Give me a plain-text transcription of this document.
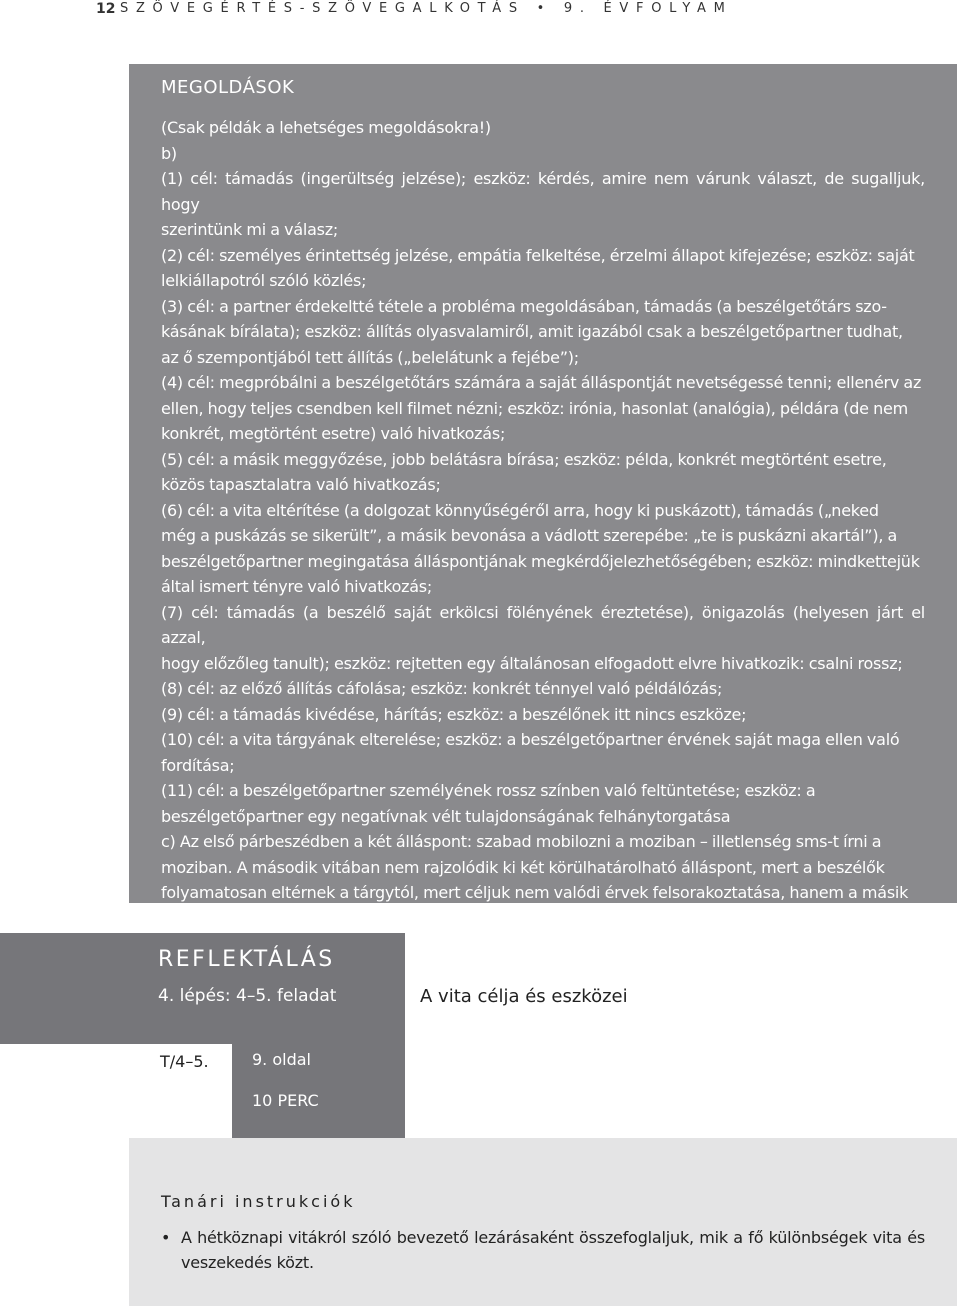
12 SZÖVEGÉRTÉS-SZÖVEGALKOTÁS • 9. ÉVFOLYAM
MEGOLDÁSOK

(Csak példák a lehetséges megoldásokra!)

b)

(1) cél: támadás (ingerültség jelzése); eszköz: kérdés, amire nem várunk választ, de sugalljuk, hogy

szerintünk mi a válasz;

(2) cél: személyes érintettség jelzése, empátia felkeltése, érzelmi állapot kifejezése; eszköz: saját

lelkiállapotról szóló közlés;

(3) cél: a partner érdekeltté tétele a probléma megoldásában, támadás (a beszélgetőtárs szo-

kásának bírálata); eszköz: állítás olyasvalamiről, amit igazából csak a beszélgetőpartner tudhat,

az ő szempontjából tett állítás („belelátunk a fejébe”);

(4) cél: megpróbálni a beszélgetőtárs számára a saját álláspontját nevetségessé tenni; ellenérv az

ellen, hogy teljes csendben kell filmet nézni; eszköz: irónia, hasonlat (analógia), példára (de nem

konkrét, megtörtént esetre) való hivatkozás;

(5) cél: a másik meggyőzése, jobb belátásra bírása; eszköz: példa, konkrét megtörtént esetre,

közös tapasztalatra való hivatkozás;

(6) cél: a vita eltérítése (a dolgozat könnyűségéről arra, hogy ki puskázott), támadás („neked

még a puskázás se sikerült”, a másik bevonása a vádlott szerepébe: „te is puskázni akartál”), a

beszélgetőpartner megingatása álláspontjának megkérdőjelezhetőségében; eszköz: mindkettejük

által ismert tényre való hivatkozás;

(7) cél: támadás (a beszélő saját erkölcsi fölényének éreztetése), önigazolás (helyesen járt el azzal,

hogy előzőleg tanult); eszköz: rejtetten egy általánosan elfogadott elvre hivatkozik: csalni rossz;

(8) cél: az előző állítás cáfolása; eszköz: konkrét ténnyel való példálózás;

(9) cél: a támadás kivédése, hárítás; eszköz: a beszélőnek itt nincs eszköze;

(10) cél: a vita tárgyának elterelése; eszköz: a beszélgetőpartner érvének saját maga ellen való

fordítása;

(11) cél: a beszélgetőpartner személyének rossz színben való feltüntetése; eszköz: a

beszélgetőpartner egy negatívnak vélt tulajdonságának felhánytorgatása

c) Az első párbeszédben a két álláspont: szabad mobilozni a moziban – illetlenség sms-t írni a

moziban. A második vitában nem rajzolódik ki két körülhatárolható álláspont, mert a beszélők

folyamatosan eltérnek a tárgytól, mert céljuk nem valódi érvek felsorakoztatása, hanem a másik

fölébe való kerekedés személyeskedések sorozata révén.

REFLEKTÁLÁS
4. lépés: 4–5. feladat	A vita célja és eszközei
T/4–5.	9. oldal
10 PERC
Tanári instrukciók
• A hétköznapi vitákról szóló bevezető lezárásaként összefoglaljuk, mik a fő különbségek vita és veszekedés közt.
